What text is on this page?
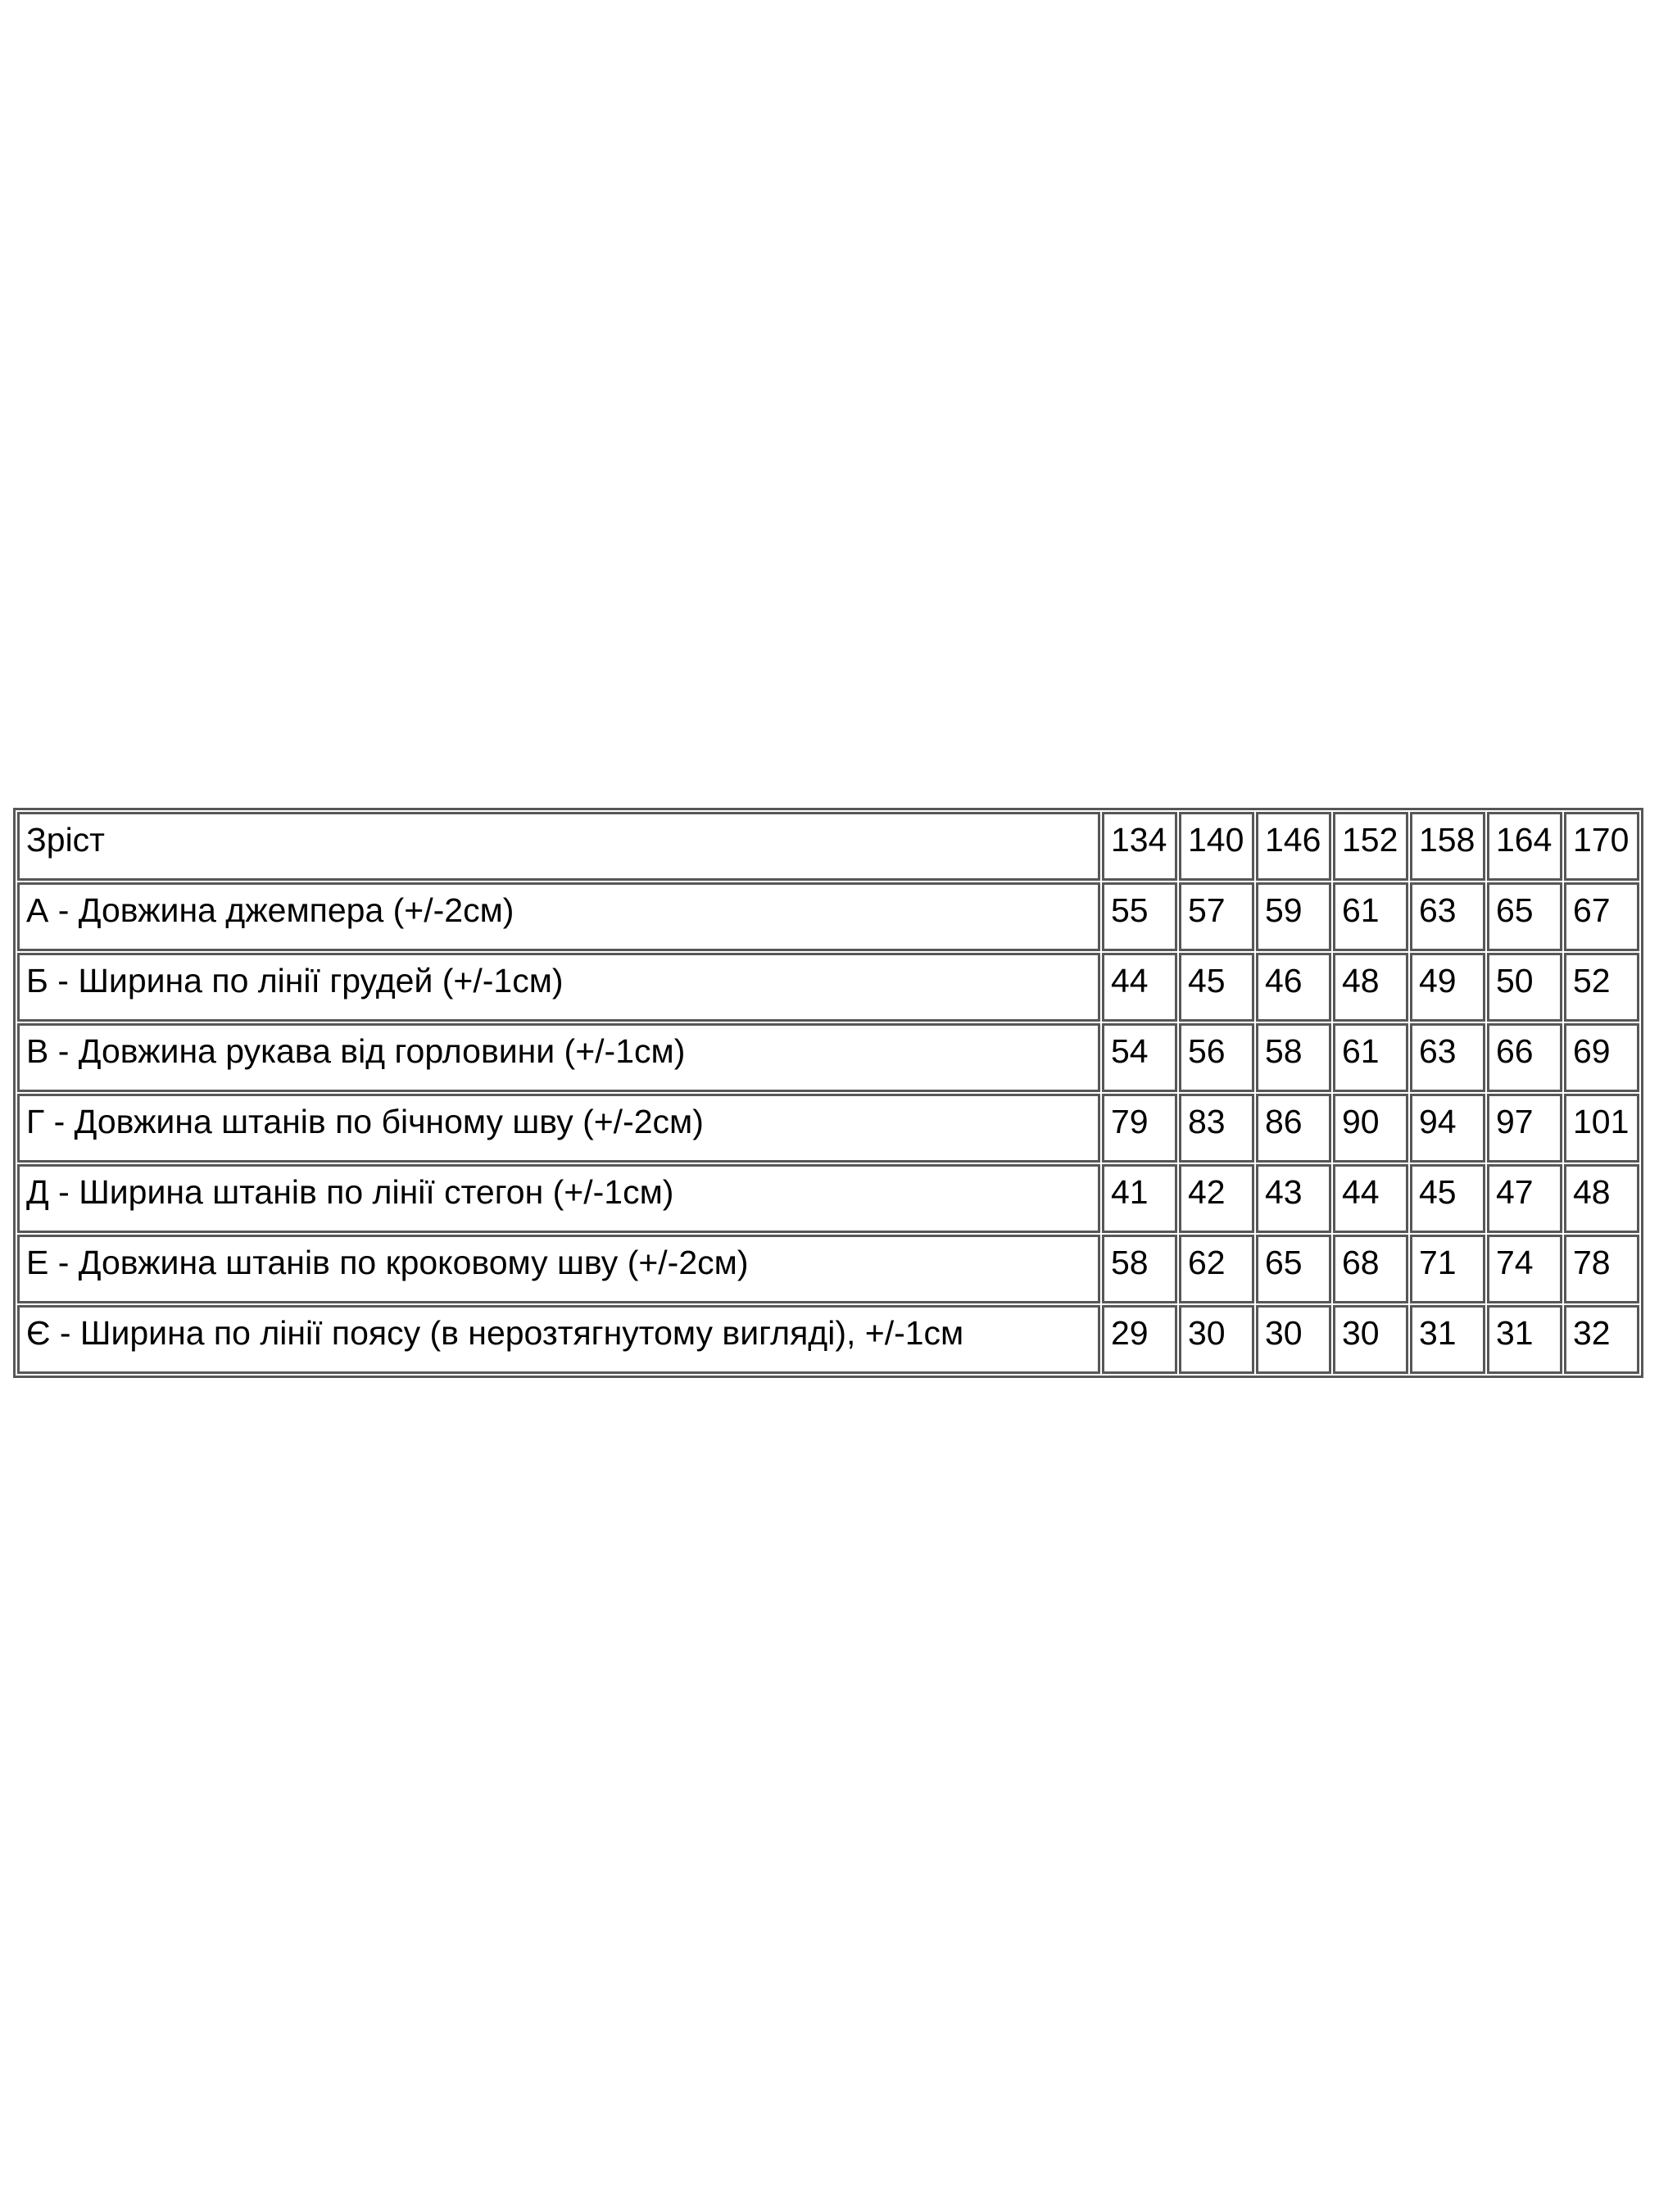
Зріст	134	140	146	152	158	164	170
А - Довжина джемпера (+/-2см)	55	57	59	61	63	65	67
Б - Ширина по лінії грудей (+/-1см)	44	45	46	48	49	50	52
В - Довжина рукава від горловини (+/-1см)	54	56	58	61	63	66	69
Г - Довжина штанів по бічному шву (+/-2см)	79	83	86	90	94	97	101
Д - Ширина штанів по лінії стегон (+/-1см)	41	42	43	44	45	47	48
Е - Довжина штанів по кроковому шву (+/-2см)	58	62	65	68	71	74	78
Є - Ширина по лінії поясу (в нерозтягнутому вигляді), +/-1см	29	30	30	30	31	31	32
